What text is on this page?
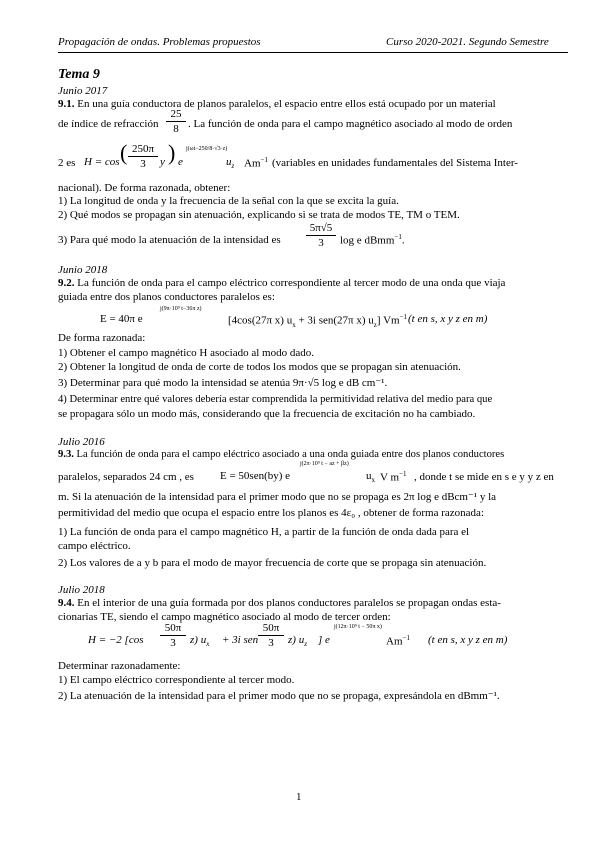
Propagación de ondas. Problemas propuestos	Curso 2020-2021. Segundo Semestre
Tema 9
Junio 2017
9.1. En una guía conductora de planos paralelos, el espacio entre ellos está ocupado por un material
de índice de refracción
25
8 . La función de onda para el campo magnético asociado al modo de orden
2 es H = cos ( 250π
3	y ) e
j(ωt−250/8·√3·z)
$u_z$ $Am^{-1}$ (variables en unidades fundamentales del Sistema Inter-
nacional). De forma razonada, obtener:
1) La longitud de onda y la frecuencia de la señal con la que se excita la guía.
2) Qué modos se propagan sin atenuación, explicando si se trata de modos TE, TM o TEM.
3) Para qué modo la atenuación de la intensidad es
5π√5
3	log e dBmm$^{-1}$.
Junio 2018
9.2. La función de onda para el campo eléctrico correspondiente al tercer modo de una onda que viaja
guiada entre dos planos conductores paralelos es:
E = 40π e
j(9π·10⁹ t−36π z)
[4cos(27π x) $u_x + 3i$ sen(27π x) $u_z$] $Vm^{-1}$ (t en s, x y z en m)
De forma razonada:
1) Obtener el campo magnético H asociado al modo dado.
2) Obtener la longitud de onda de corte de todos los modos que se propagan sin atenuación.
3) Determinar para qué modo la intensidad se atenúa 9π·√5 log e dB cm⁻¹.
4) Determinar entre qué valores debería estar comprendida la permitividad relativa del medio para que
se propagara sólo un modo más, considerando que la frecuencia de excitación no ha cambiado.
Julio 2016
9.3. La función de onda para el campo eléctrico asociado a una onda guiada entre dos planos conductores
paralelos, separados 24 cm , es E = 50sen(by) e
j(2π·10⁹ t − az + βz)
$u_x$ V $m^{-1}$ , donde t se mide en s e y y z en
m. Si la atenuación de la intensidad para el primer modo que no se propaga es 2π log e dBcm⁻¹ y la
permitividad del medio que ocupa el espacio entre los planos es 4ε₀ , obtener de forma razonada:
1) La función de onda para el campo magnético H, a partir de la función de onda dada para el
campo eléctrico.
2) Los valores de a y b para el modo de mayor frecuencia de corte que se propaga sin atenuación.
Julio 2018
9.4. En el interior de una guía formada por dos planos conductores paralelos se propagan ondas esta-
cionarias TE, siendo el campo magnético asociado al modo de tercer orden:
H = −2 [cos
50π
3	z) $u_x + 3i$ sen
50π
3	z) $u_z$ ] e
j(12π·10⁹ t − 50π x)
$Am^{-1}$ (t en s, x y z en m)
Determinar razonadamente:
1) El campo eléctrico correspondiente al tercer modo.
2) La atenuación de la intensidad para el primer modo que no se propaga, expresándola en dBmm⁻¹.
1
